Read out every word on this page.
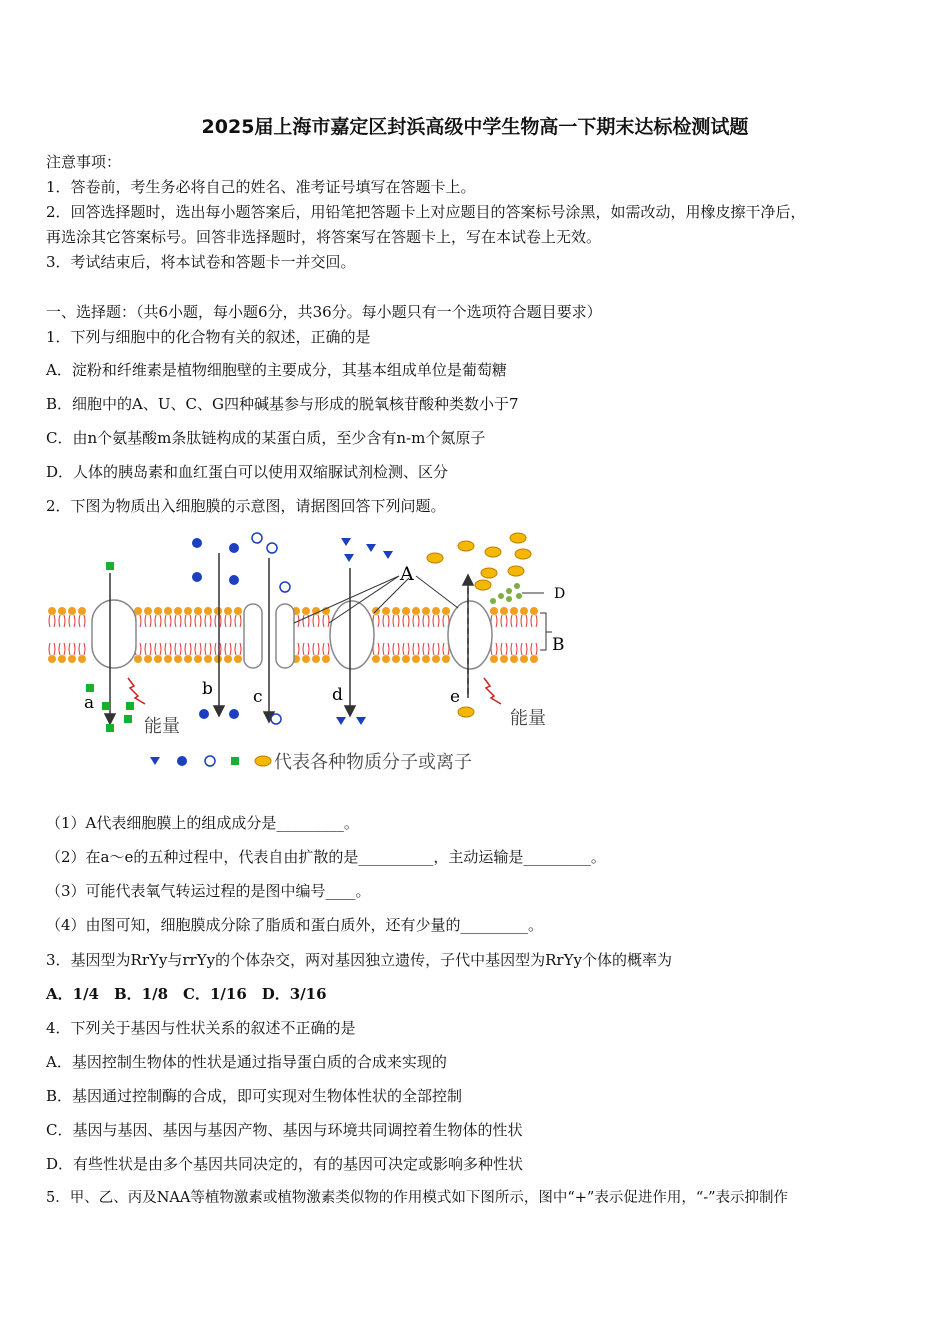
2025届上海市嘉定区封浜高级中学生物高一下期末达标检测试题
注意事项：
1．答卷前，考生务必将自己的姓名、准考证号填写在答题卡上。
2．回答选择题时，选出每小题答案后，用铅笔把答题卡上对应题目的答案标号涂黑，如需改动，用橡皮擦干净后，
再选涂其它答案标号。回答非选择题时，将答案写在答题卡上，写在本试卷上无效。
3．考试结束后，将本试卷和答题卡一并交回。
一、选择题：（共6小题，每小题6分，共36分。每小题只有一个选项符合题目要求）
1．下列与细胞中的化合物有关的叙述，正确的是
A．淀粉和纤维素是植物细胞壁的主要成分，其基本组成单位是葡萄糖
B．细胞中的A、U、C、G四种碱基参与形成的脱氧核苷酸种类数小于7
C．由n个氨基酸m条肽链构成的某蛋白质，至少含有n-m个氮原子
D．人体的胰岛素和血红蛋白可以使用双缩脲试剂检测、区分
2．下图为物质出入细胞膜的示意图，请据图回答下列问题。
A
D
B
a
b c	d	e
能量	能量
代表各种物质分子或离子
（1）A代表细胞膜上的组成成分是_________。
（2）在a～e的五种过程中，代表自由扩散的是__________，主动运输是_________。
（3）可能代表氧气转运过程的是图中编号____。
（4）由图可知，细胞膜成分除了脂质和蛋白质外，还有少量的_________。
3．基因型为RrYy与rrYy的个体杂交，两对基因独立遗传，子代中基因型为RrYy个体的概率为
A．1/4　B．1/8　C．1/16　D．3/16
4．下列关于基因与性状关系的叙述不正确的是
A．基因控制生物体的性状是通过指导蛋白质的合成来实现的
B．基因通过控制酶的合成，即可实现对生物体性状的全部控制
C．基因与基因、基因与基因产物、基因与环境共同调控着生物体的性状
D．有些性状是由多个基因共同决定的，有的基因可决定或影响多种性状
5．甲、乙、丙及NAA等植物激素或植物激素类似物的作用模式如下图所示，图中“+”表示促进作用，“-”表示抑制作
